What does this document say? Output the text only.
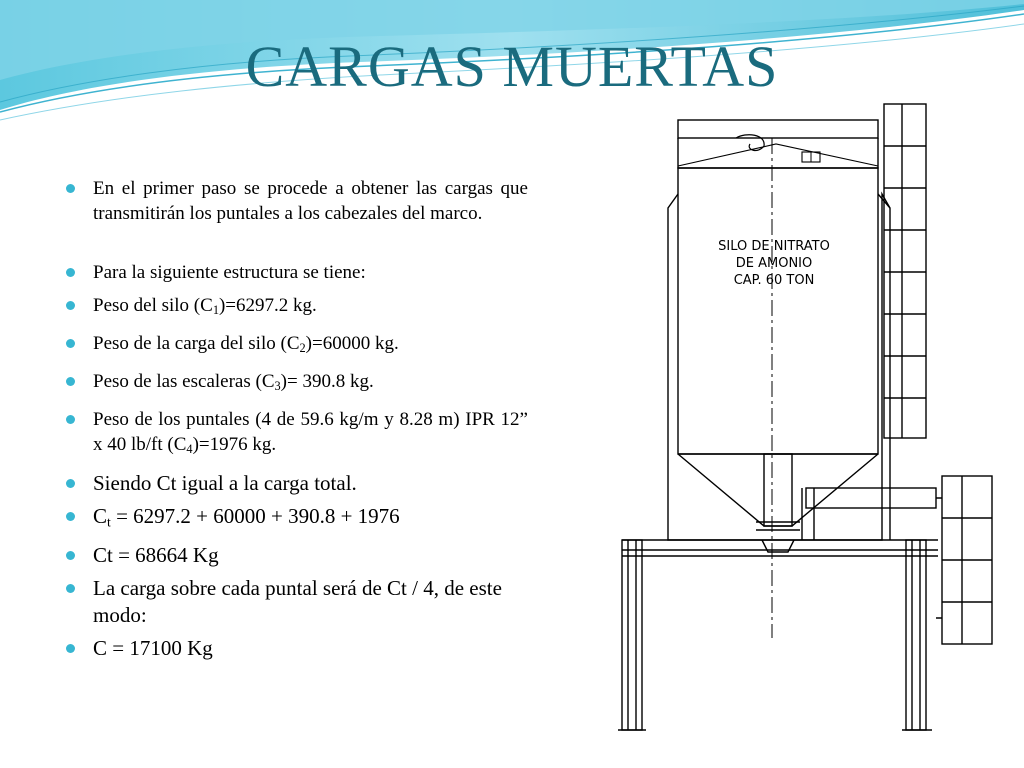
CARGAS MUERTAS
En el primer paso se procede a obtener las cargas que transmitirán los puntales a los cabezales del marco.
Para la siguiente estructura se tiene:
Peso del silo $(C_1)=6297.2$ kg.
Peso de la carga del silo $(C_2)=60000$ kg.
Peso de las escaleras $(C_3)= 390.8$ kg.
Peso de los puntales (4 de 59.6 kg/m y 8.28 m) IPR 12” x 40 lb/ft $(C_4)=1976$ kg.
Siendo Ct igual a la carga total.
$C_t = 6297.2 + 60000 + 390.8 + 1976$
Ct = 68664 Kg
La carga sobre cada puntal será de Ct / 4, de este modo:
C = 17100 Kg
SILO DE NITRATO
DE AMONIO
CAP. 60 TON
